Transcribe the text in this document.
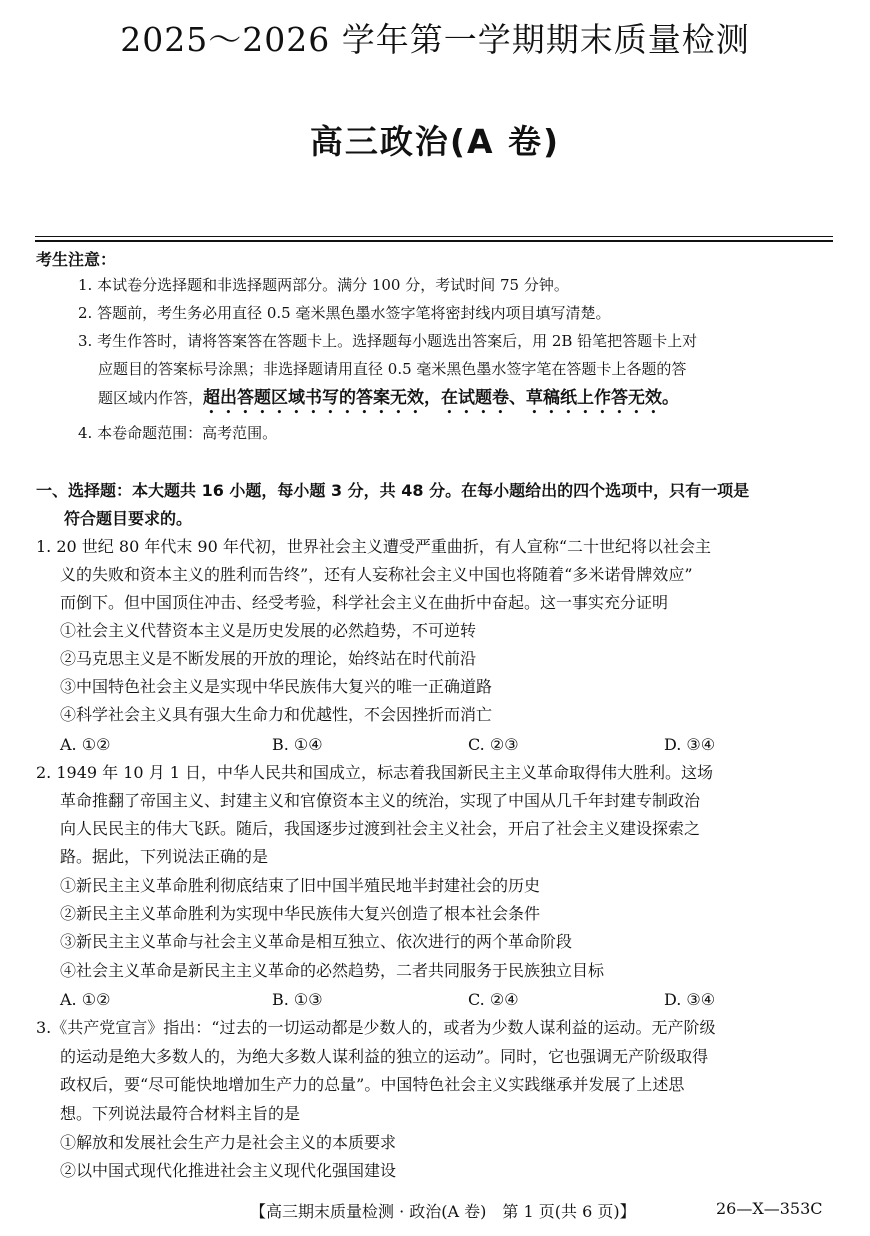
2025～2026 学年第一学期期末质量检测
高三政治(A 卷)
考生注意：
1. 本试卷分选择题和非选择题两部分。满分 100 分，考试时间 75 分钟。
2. 答题前，考生务必用直径 0.5 毫米黑色墨水签字笔将密封线内项目填写清楚。
3. 考生作答时，请将答案答在答题卡上。选择题每小题选出答案后，用 2B 铅笔把答题卡上对
应题目的答案标号涂黑；非选择题请用直径 0.5 毫米黑色墨水签字笔在答题卡上各题的答
题区域内作答，超出答题区域书写的答案无效，在试题卷、草稿纸上作答无效。
4. 本卷命题范围：高考范围。
一、选择题：本大题共 16 小题，每小题 3 分，共 48 分。在每小题给出的四个选项中，只有一项是
符合题目要求的。
1. 20 世纪 80 年代末 90 年代初，世界社会主义遭受严重曲折，有人宣称“二十世纪将以社会主
义的失败和资本主义的胜利而告终”，还有人妄称社会主义中国也将随着“多米诺骨牌效应”
而倒下。但中国顶住冲击、经受考验，科学社会主义在曲折中奋起。这一事实充分证明
①社会主义代替资本主义是历史发展的必然趋势，不可逆转
②马克思主义是不断发展的开放的理论，始终站在时代前沿
③中国特色社会主义是实现中华民族伟大复兴的唯一正确道路
④科学社会主义具有强大生命力和优越性，不会因挫折而消亡
A. ①②	B. ①④	C. ②③	D. ③④
2. 1949 年 10 月 1 日，中华人民共和国成立，标志着我国新民主主义革命取得伟大胜利。这场
革命推翻了帝国主义、封建主义和官僚资本主义的统治，实现了中国从几千年封建专制政治
向人民民主的伟大飞跃。随后，我国逐步过渡到社会主义社会，开启了社会主义建设探索之
路。据此，下列说法正确的是
①新民主主义革命胜利彻底结束了旧中国半殖民地半封建社会的历史
②新民主主义革命胜利为实现中华民族伟大复兴创造了根本社会条件
③新民主主义革命与社会主义革命是相互独立、依次进行的两个革命阶段
④社会主义革命是新民主主义革命的必然趋势，二者共同服务于民族独立目标
A. ①②	B. ①③	C. ②④	D. ③④
3.《共产党宣言》指出：“过去的一切运动都是少数人的，或者为少数人谋利益的运动。无产阶级
的运动是绝大多数人的，为绝大多数人谋利益的独立的运动”。同时，它也强调无产阶级取得
政权后，要“尽可能快地增加生产力的总量”。中国特色社会主义实践继承并发展了上述思
想。下列说法最符合材料主旨的是
①解放和发展社会生产力是社会主义的本质要求
②以中国式现代化推进社会主义现代化强国建设
【高三期末质量检测 · 政治(A 卷)　第 1 页(共 6 页)】	26—X—353C
